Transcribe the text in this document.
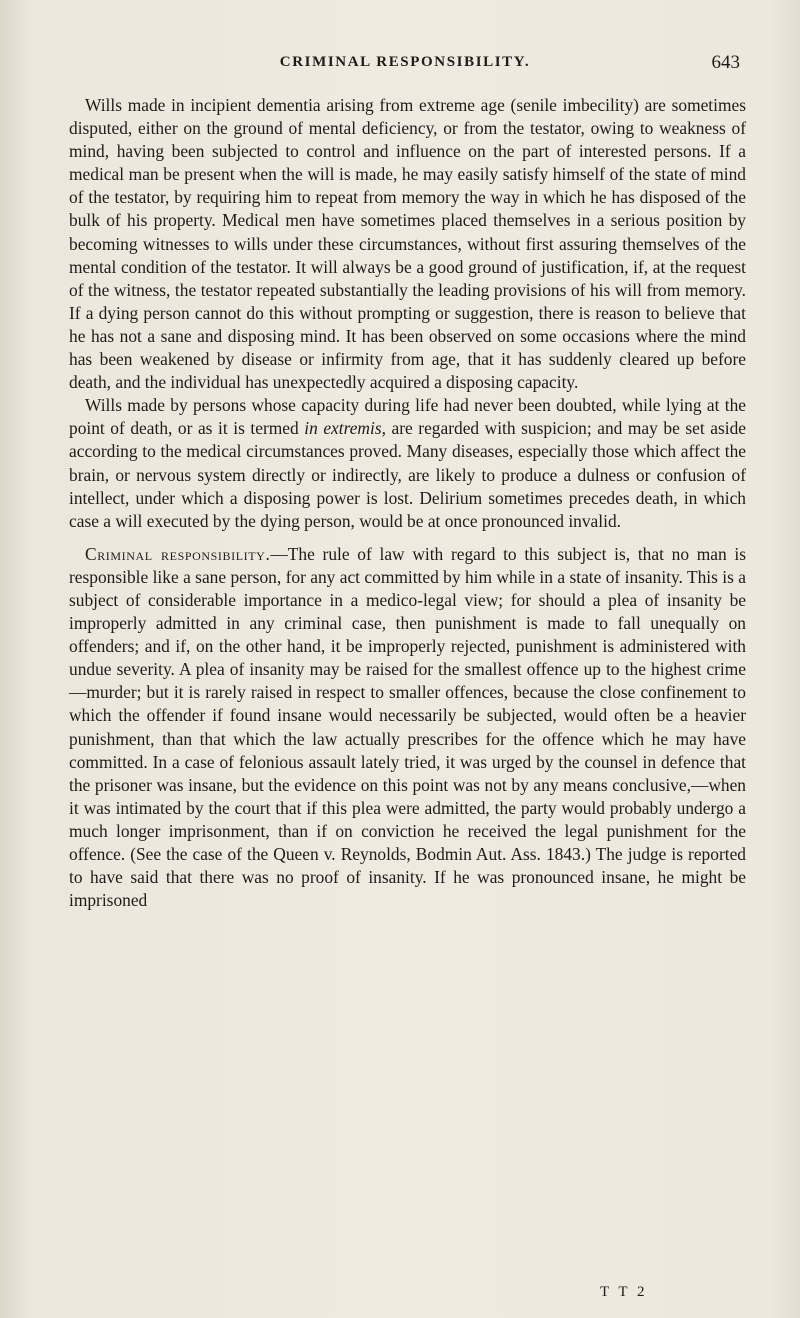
CRIMINAL RESPONSIBILITY.	643

Wills made in incipient dementia arising from extreme age (senile imbecility) are sometimes disputed, either on the ground of mental deficiency, or from the testator, owing to weakness of mind, having been subjected to control and influence on the part of interested persons. If a medical man be present when the will is made, he may easily satisfy himself of the state of mind of the testator, by requiring him to repeat from memory the way in which he has disposed of the bulk of his property. Medical men have sometimes placed themselves in a serious position by becoming witnesses to wills under these circumstances, without first assuring themselves of the mental condition of the testator. It will always be a good ground of justification, if, at the request of the witness, the testator repeated substantially the leading provisions of his will from memory. If a dying person cannot do this without prompting or suggestion, there is reason to believe that he has not a sane and disposing mind. It has been observed on some occasions where the mind has been weakened by disease or infirmity from age, that it has suddenly cleared up before death, and the individual has unexpectedly acquired a disposing capacity.

Wills made by persons whose capacity during life had never been doubted, while lying at the point of death, or as it is termed in extremis, are regarded with suspicion; and may be set aside according to the medical circumstances proved. Many diseases, especially those which affect the brain, or nervous system directly or indirectly, are likely to produce a dulness or confusion of intellect, under which a disposing power is lost. Delirium sometimes precedes death, in which case a will executed by the dying person, would be at once pronounced invalid.

Criminal responsibility.—The rule of law with regard to this subject is, that no man is responsible like a sane person, for any act committed by him while in a state of insanity. This is a subject of considerable importance in a medico-legal view; for should a plea of insanity be improperly admitted in any criminal case, then punishment is made to fall unequally on offenders; and if, on the other hand, it be improperly rejected, punishment is administered with undue severity. A plea of insanity may be raised for the smallest offence up to the highest crime—murder; but it is rarely raised in respect to smaller offences, because the close confinement to which the offender if found insane would necessarily be subjected, would often be a heavier punishment, than that which the law actually prescribes for the offence which he may have committed. In a case of felonious assault lately tried, it was urged by the counsel in defence that the prisoner was insane, but the evidence on this point was not by any means conclusive,—when it was intimated by the court that if this plea were admitted, the party would probably undergo a much longer imprisonment, than if on conviction he received the legal punishment for the offence. (See the case of the Queen v. Reynolds, Bodmin Aut. Ass. 1843.) The judge is reported to have said that there was no proof of insanity. If he was pronounced insane, he might be imprisoned

T T 2
